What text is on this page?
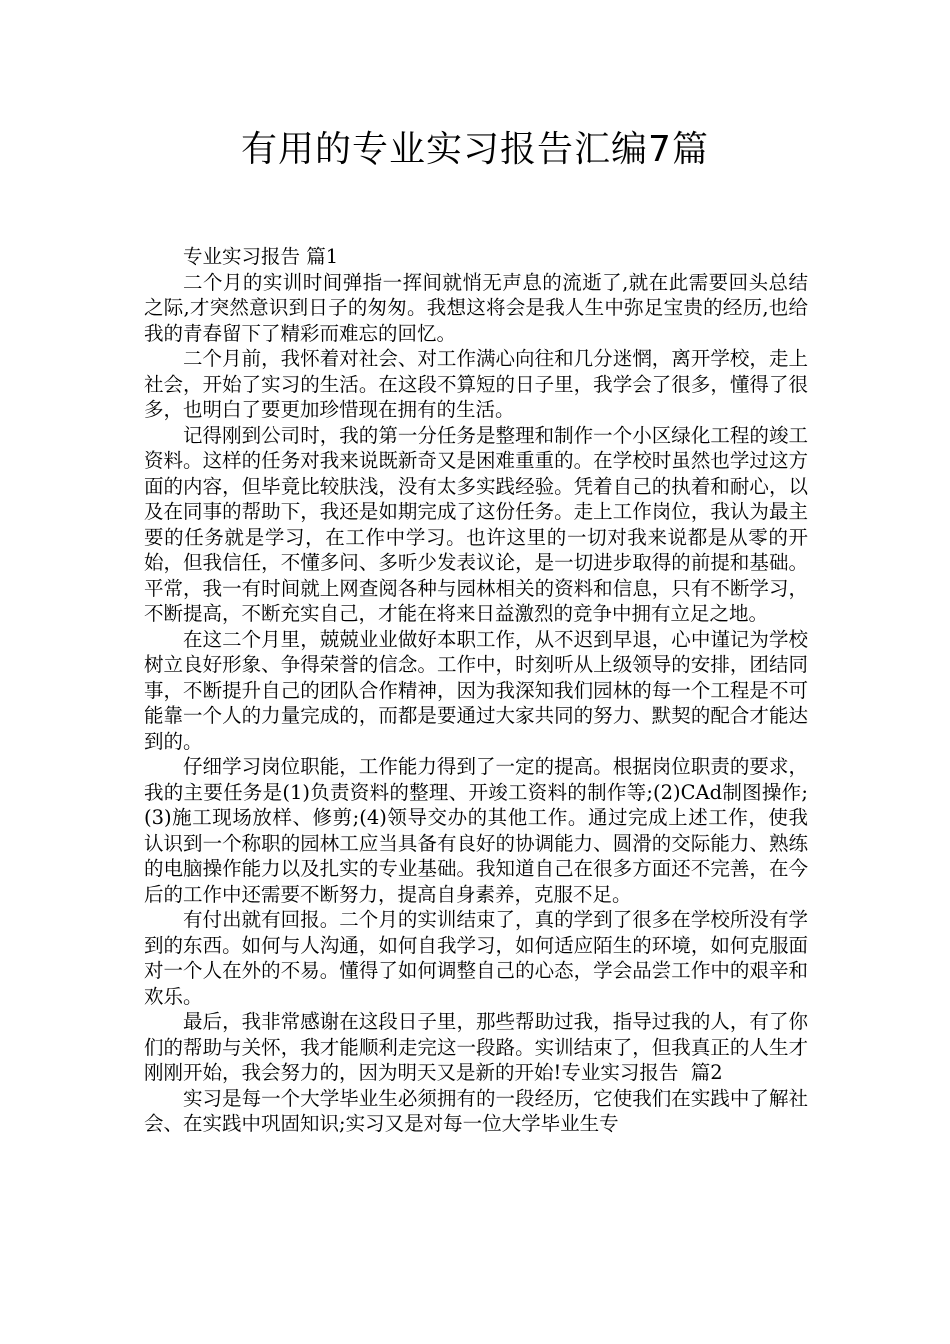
有用的专业实习报告汇编7篇

专业实习报告 篇1

二个月的实训时间弹指一挥间就悄无声息的流逝了,就在此需要回头总结之际,才突然意识到日子的匆匆。我想这将会是我人生中弥足宝贵的经历,也给我的青春留下了精彩而难忘的回忆。

二个月前，我怀着对社会、对工作满心向往和几分迷惘，离开学校，走上社会，开始了实习的生活。在这段不算短的日子里，我学会了很多，懂得了很多，也明白了要更加珍惜现在拥有的生活。

记得刚到公司时，我的第一分任务是整理和制作一个小区绿化工程的竣工资料。这样的任务对我来说既新奇又是困难重重的。在学校时虽然也学过这方面的内容，但毕竟比较肤浅，没有太多实践经验。凭着自己的执着和耐心，以及在同事的帮助下，我还是如期完成了这份任务。走上工作岗位，我认为最主要的任务就是学习，在工作中学习。也许这里的一切对我来说都是从零的开始，但我信任，不懂多问、多听少发表议论，是一切进步取得的前提和基础。平常，我一有时间就上网查阅各种与园林相关的资料和信息，只有不断学习，不断提高，不断充实自己，才能在将来日益激烈的竞争中拥有立足之地。

在这二个月里，兢兢业业做好本职工作，从不迟到早退，心中谨记为学校树立良好形象、争得荣誉的信念。工作中，时刻听从上级领导的安排，团结同事，不断提升自己的团队合作精神，因为我深知我们园林的每一个工程是不可能靠一个人的力量完成的，而都是要通过大家共同的努力、默契的配合才能达到的。

仔细学习岗位职能，工作能力得到了一定的提高。根据岗位职责的要求，我的主要任务是(1)负责资料的整理、开竣工资料的制作等;(2)CAd制图操作;(3)施工现场放样、修剪;(4)领导交办的其他工作。通过完成上述工作，使我认识到一个称职的园林工应当具备有良好的协调能力、圆滑的交际能力、熟练的电脑操作能力以及扎实的专业基础。我知道自己在很多方面还不完善，在今后的工作中还需要不断努力，提高自身素养，克服不足。

有付出就有回报。二个月的实训结束了，真的学到了很多在学校所没有学到的东西。如何与人沟通，如何自我学习，如何适应陌生的环境，如何克服面对一个人在外的不易。懂得了如何调整自己的心态，学会品尝工作中的艰辛和欢乐。

最后，我非常感谢在这段日子里，那些帮助过我，指导过我的人，有了你们的帮助与关怀，我才能顺利走完这一段路。实训结束了，但我真正的人生才刚刚开始，我会努力的，因为明天又是新的开始!专业实习报告  篇2

实习是每一个大学毕业生必须拥有的一段经历，它使我们在实践中了解社会、在实践中巩固知识;实习又是对每一位大学毕业生专
